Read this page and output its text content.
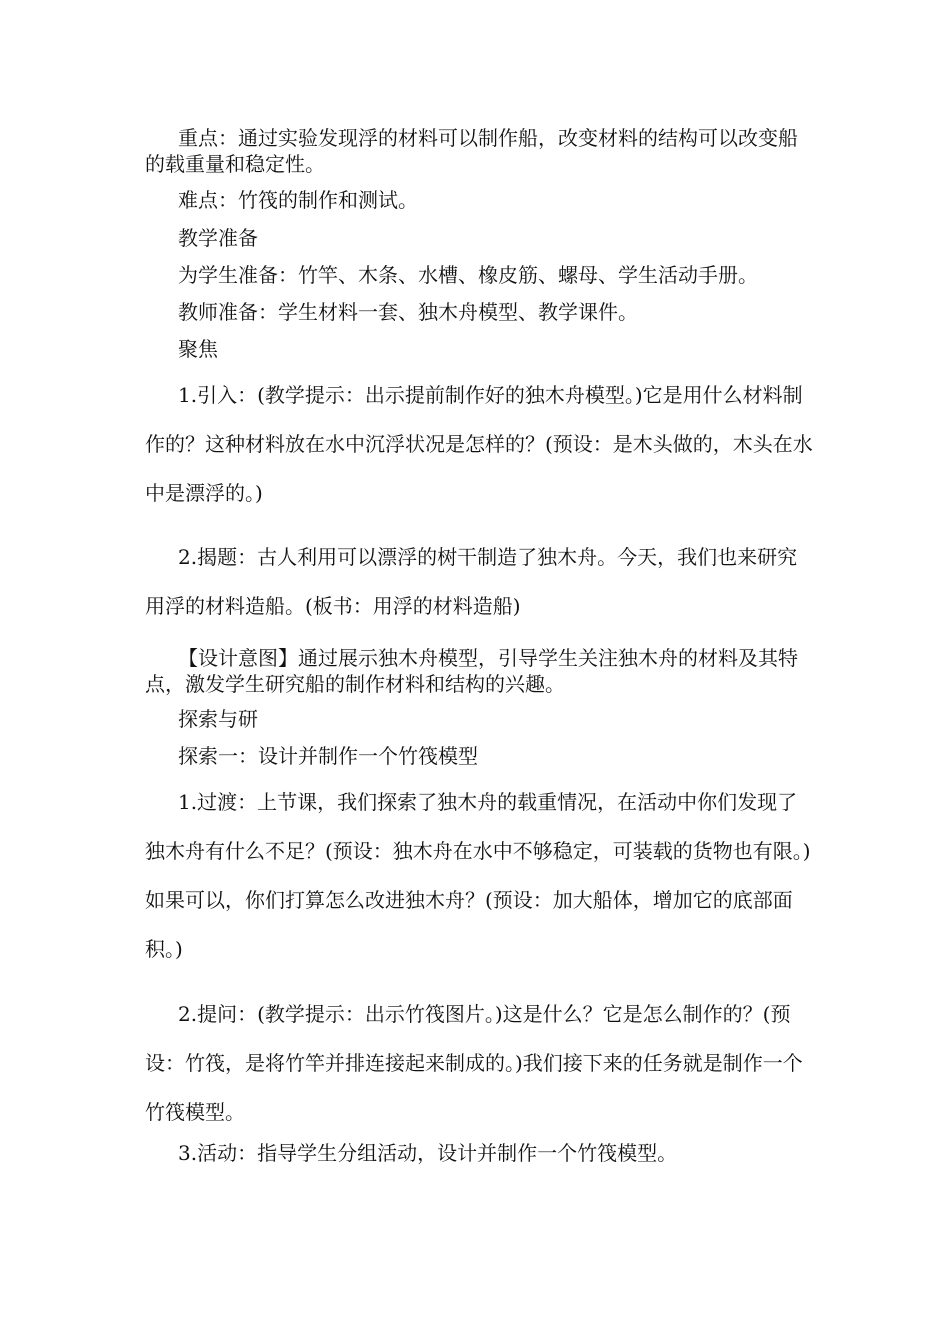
重点：通过实验发现浮的材料可以制作船，改变材料的结构可以改变船的载重量和稳定性。

难点：竹筏的制作和测试。

教学准备

为学生准备：竹竿、木条、水槽、橡皮筋、螺母、学生活动手册。

教师准备：学生材料一套、独木舟模型、教学课件。

聚焦

1.引入：(教学提示：出示提前制作好的独木舟模型。)它是用什么材料制作的？这种材料放在水中沉浮状况是怎样的？(预设：是木头做的，木头在水中是漂浮的。)

2.揭题：古人利用可以漂浮的树干制造了独木舟。今天，我们也来研究用浮的材料造船。(板书：用浮的材料造船)

【设计意图】通过展示独木舟模型，引导学生关注独木舟的材料及其特点，激发学生研究船的制作材料和结构的兴趣。

探索与研

探索一：设计并制作一个竹筏模型

1.过渡：上节课，我们探索了独木舟的载重情况，在活动中你们发现了独木舟有什么不足？(预设：独木舟在水中不够稳定，可装载的货物也有限。)如果可以，你们打算怎么改进独木舟？(预设：加大船体，增加它的底部面积。)

2.提问：(教学提示：出示竹筏图片。)这是什么？它是怎么制作的？(预设：竹筏，是将竹竿并排连接起来制成的。)我们接下来的任务就是制作一个竹筏模型。

3.活动：指导学生分组活动，设计并制作一个竹筏模型。
